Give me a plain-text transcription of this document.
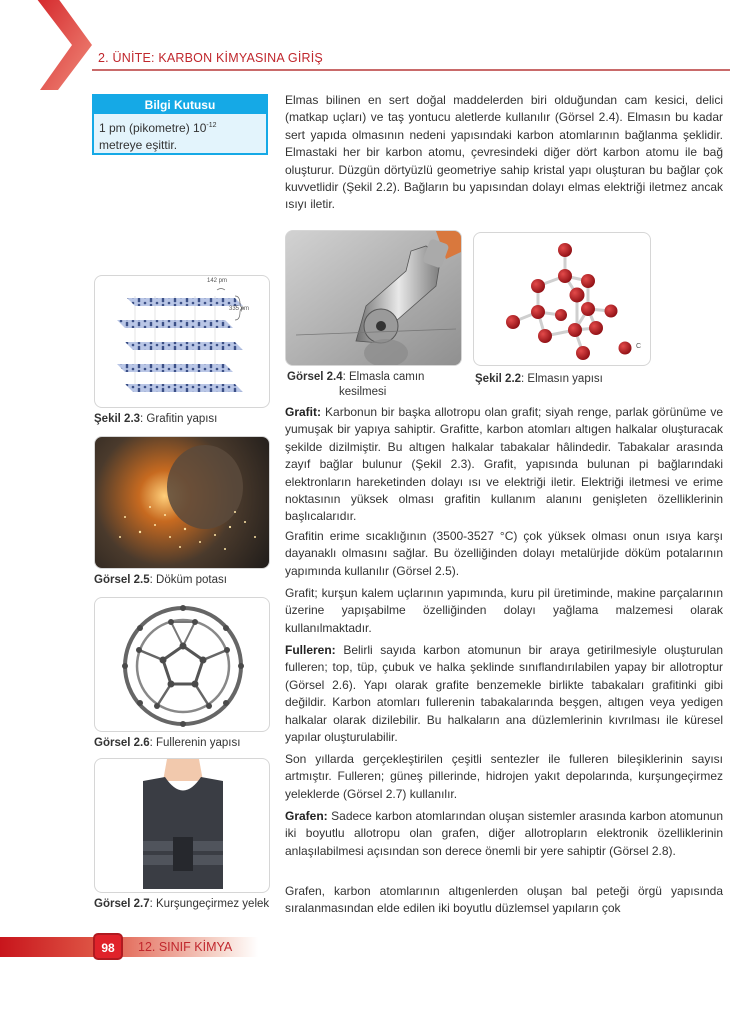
2. ÜNİTE: KARBON KİMYASINA GİRİŞ
Bilgi Kutusu
1 pm (pikometre) $10^{-12}$ metreye eşittir.
Elmas bilinen en sert doğal maddelerden biri olduğundan cam kesici, delici (matkap uçları) ve taş yontucu aletlerde kullanılır (Görsel 2.4). Elmasın bu kadar sert yapıda olmasının nedeni yapısındaki karbon atomlarının bağlanma şeklidir. Elmastaki her bir karbon atomu, çevresindeki diğer dört karbon atomu ile bağ oluşturur. Düzgün dörtyüzlü geometriye sahip kristal yapı oluşturan bu bağlar çok kuvvetlidir (Şekil 2.2). Bağların bu yapısından dolayı elmas elektriği iletmez ancak ısıyı iletir.
Görsel 2.4: Elmasla camın
kesilmesi
C
Şekil 2.2: Elmasın yapısı
142 pm
335 pm
Şekil 2.3: Grafitin yapısı
Görsel 2.5: Döküm potası
Görsel 2.6: Fullerenin yapısı
Görsel 2.7: Kurşungeçirmez yelek
Grafit: Karbonun bir başka allotropu olan grafit; siyah renge, parlak görünüme ve yumuşak bir yapıya sahiptir. Grafitte, karbon atomları altıgen halkalar oluşturacak şekilde dizilmiştir. Bu altıgen halkalar tabakalar hâlindedir. Tabakalar arasında zayıf bağlar bulunur (Şekil 2.3). Grafit, yapısında bulunan pi bağlarındaki elektronların hareketinden dolayı ısı ve elektriği iletir. Elektriği iletmesi ve erime noktasının yüksek olması grafitin kullanım alanını genişleten özelliklerinin başlıcalarıdır.
Grafitin erime sıcaklığının (3500-3527 °C) çok yüksek olması onun ısıya karşı dayanaklı olmasını sağlar. Bu özelliğinden dolayı metalürjide döküm potalarının yapımında kullanılır (Görsel 2.5).
Grafit; kurşun kalem uçlarının yapımında, kuru pil üretiminde, makine parçalarının üzerine yapışabilme özelliğinden dolayı yağlama malzemesi olarak kullanılmaktadır.
Fulleren: Belirli sayıda karbon atomunun bir araya getirilmesiyle oluşturulan fulleren; top, tüp, çubuk ve halka şeklinde sınıflandırılabilen yapay bir allotroptur (Görsel 2.6). Yapı olarak grafite benzemekle birlikte tabakaları grafitinki gibi değildir. Karbon atomları fullerenin tabakalarında beşgen, altıgen veya yedigen halkalar olarak dizilebilir. Bu halkaların ana düzlemlerinin kıvrılması ile küresel yapılar oluşturulabilir.
Son yıllarda gerçekleştirilen çeşitli sentezler ile fulleren bileşiklerinin sayısı artmıştır. Fulleren; güneş pillerinde, hidrojen yakıt depolarında, kurşungeçirmez yeleklerde (Görsel 2.7) kullanılır.
Grafen: Sadece karbon atomlarından oluşan sistemler arasında karbon atomunun iki boyutlu allotropu olan grafen, diğer allotropların elektronik özelliklerinin anlaşılabilmesi açısından son derece önemli bir yere sahiptir (Görsel 2.8).
Grafen, karbon atomlarının altıgenlerden oluşan bal peteği örgü yapısında sıralanmasından elde edilen iki boyutlu düzlemsel yapıların çok
98	12. SINIF KİMYA
